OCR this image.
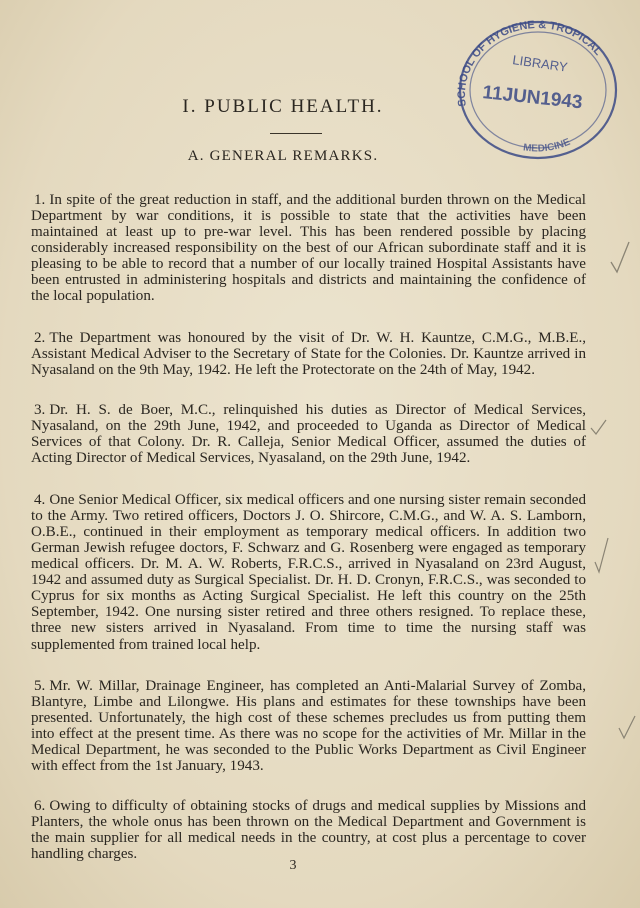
SCHOOL OF HYGIENE & TROPICAL
LIBRARY
11JUN1943
MEDICINE
I. PUBLIC HEALTH.
A. GENERAL REMARKS.

1. In spite of the great reduction in staff, and the additional burden thrown on the Medical Department by war conditions, it is possible to state that the activities have been maintained at least up to pre-war level. This has been rendered possible by placing considerably increased responsibility on the best of our African subordinate staff and it is pleasing to be able to record that a number of our locally trained Hospital Assistants have been entrusted in administering hospitals and districts and maintaining the confidence of the local population.

2. The Department was honoured by the visit of Dr. W. H. Kauntze, C.M.G., M.B.E., Assistant Medical Adviser to the Secretary of State for the Colonies. Dr. Kauntze arrived in Nyasaland on the 9th May, 1942. He left the Protectorate on the 24th of May, 1942.

3. Dr. H. S. de Boer, M.C., relinquished his duties as Director of Medical Services, Nyasaland, on the 29th June, 1942, and proceeded to Uganda as Director of Medical Services of that Colony. Dr. R. Calleja, Senior Medical Officer, assumed the duties of Acting Director of Medical Services, Nyasaland, on the 29th June, 1942.

4. One Senior Medical Officer, six medical officers and one nursing sister remain seconded to the Army. Two retired officers, Doctors J. O. Shircore, C.M.G., and W. A. S. Lamborn, O.B.E., continued in their employment as temporary medical officers. In addition two German Jewish refugee doctors, F. Schwarz and G. Rosenberg were engaged as temporary medical officers. Dr. M. A. W. Roberts, F.R.C.S., arrived in Nyasaland on 23rd August, 1942 and assumed duty as Surgical Specialist. Dr. H. D. Cronyn, F.R.C.S., was seconded to Cyprus for six months as Acting Surgical Specialist. He left this country on the 25th September, 1942. One nursing sister retired and three others resigned. To replace these, three new sisters arrived in Nyasaland. From time to time the nursing staff was supplemented from trained local help.

5. Mr. W. Millar, Drainage Engineer, has completed an Anti-Malarial Survey of Zomba, Blantyre, Limbe and Lilongwe. His plans and estimates for these townships have been presented. Unfortunately, the high cost of these schemes precludes us from putting them into effect at the present time. As there was no scope for the activities of Mr. Millar in the Medical Department, he was seconded to the Public Works Department as Civil Engineer with effect from the 1st January, 1943.

6. Owing to difficulty of obtaining stocks of drugs and medical supplies by Missions and Planters, the whole onus has been thrown on the Medical Department and Government is the main supplier for all medical needs in the country, at cost plus a percentage to cover handling charges.

3
